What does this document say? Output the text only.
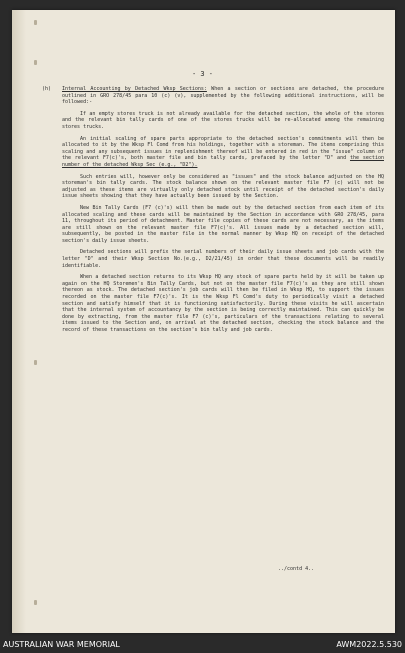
- 3 -
(h) Internal Accounting by Detached Wksp Sections: When a section or sections are detached, the procedure outlined in GRO 278/45 para 10 (c) (v), supplemented by the following additional instructions, will be followed:-

If an empty stores truck is not already available for the detached section, the whole of the stores and the relevant bin tally cards of one of the stores trucks will be re-allocated among the remaining stores trucks.

An initial scaling of spare parts appropriate to the detached section's commitments will then be allocated to it by the Wksp Fl Comd from his holdings, together with a storeman. The items comprising this scaling and any subsequent issues in replenishment thereof will be entered in red in the "issue" column of the relevant F7(c)'s, both master file and bin tally cards, prefaced by the letter "D" and the section number of the detached Wksp Sec (e.g., "D2").

Such entries will, however only be considered as "issues" and the stock balance adjusted on the HQ storeman's bin tally cards. The stock balance shown on the relevant master file F7 (c) will not be adjusted as these items are virtually only detached stock until receipt of the detached section's daily issue sheets showing that they have actually been issued by the Section.

New Bin Tally Cards (F7 (c)'s) will then be made out by the detached section from each item of its allocated scaling and these cards will be maintained by the Section in accordance with GRO 278/45, para 11, throughout its period of detachment. Master file copies of these cards are not necessary, as the items are still shown on the relevant master file F7(c)'s. All issues made by a detached section will, subsequently, be posted in the master file in the normal manner by Wksp HQ on receipt of the detached section's daily issue sheets.

Detached sections will prefix the serial numbers of their daily issue sheets and job cards with the letter "D" and their Wksp Section No.(e.g., D2/21/45) in order that these documents will be readily identifiable.

When a detached section returns to its Wksp HQ any stock of spare parts held by it will be taken up again on the HQ Storemen's Bin Tally Cards, but not on the master file F7(c)'s as they are still shown thereon as stock. The detached section's job cards will then be filed in Wksp HQ, to support the issues recorded on the master file F7(c)'s. It is the Wksp Fl Comd's duty to periodically visit a detached section and satisfy himself that it is functioning satisfactorily. During these visits he will ascertain that the internal system of accountancy by the section is being correctly maintained. This can quickly be done by extracting, from the master file F7 (c)'s, particulars of the transactions relating to several items issued to the Section and, on arrival at the detached section, checking the stock balance and the record of these transactions on the section's bin tally and job cards.

../contd 4..
AUSTRALIAN WAR MEMORIAL	AWM2022.5.530
